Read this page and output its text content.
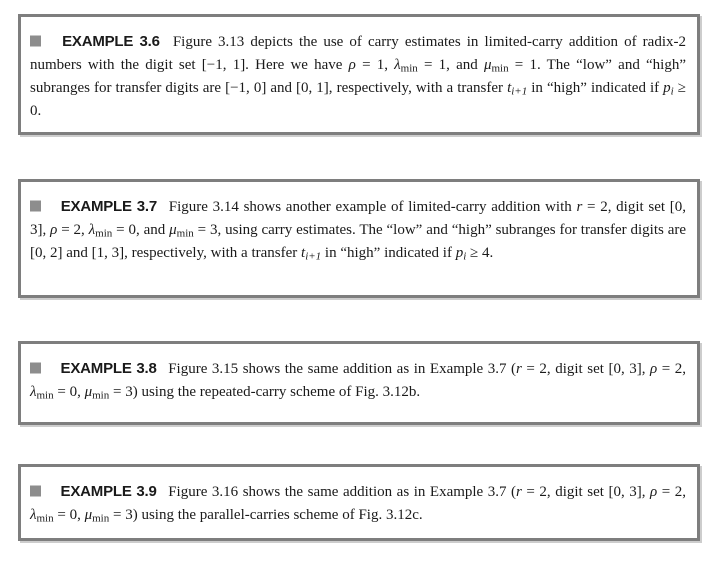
EXAMPLE 3.6 Figure 3.13 depicts the use of carry estimates in limited-carry addition of radix-2 numbers with the digit set [−1, 1]. Here we have ρ = 1, $\lambda_{min} = 1$, and $\mu_{min} = 1$. The “low” and “high” subranges for transfer digits are [−1, 0] and [0, 1], respectively, with a transfer $t_{i+1}$ in “high” indicated if $p_i \ge 0$.

EXAMPLE 3.7 Figure 3.14 shows another example of limited-carry addition with r = 2, digit set [0, 3], ρ = 2, $\lambda_{min} = 0$, and $\mu_{min} = 3$, using carry estimates. The “low” and “high” subranges for transfer digits are [0, 2] and [1, 3], respectively, with a transfer $t_{i+1}$ in “high” indicated if $p_i \ge 4$.

EXAMPLE 3.8 Figure 3.15 shows the same addition as in Example 3.7 (r = 2, digit set [0, 3], ρ = 2, $\lambda_{min} = 0$, $\mu_{min} = 3$) using the repeated-carry scheme of Fig. 3.12b.

EXAMPLE 3.9 Figure 3.16 shows the same addition as in Example 3.7 (r = 2, digit set [0, 3], ρ = 2, $\lambda_{min} = 0$, $\mu_{min} = 3$) using the parallel-carries scheme of Fig. 3.12c.
